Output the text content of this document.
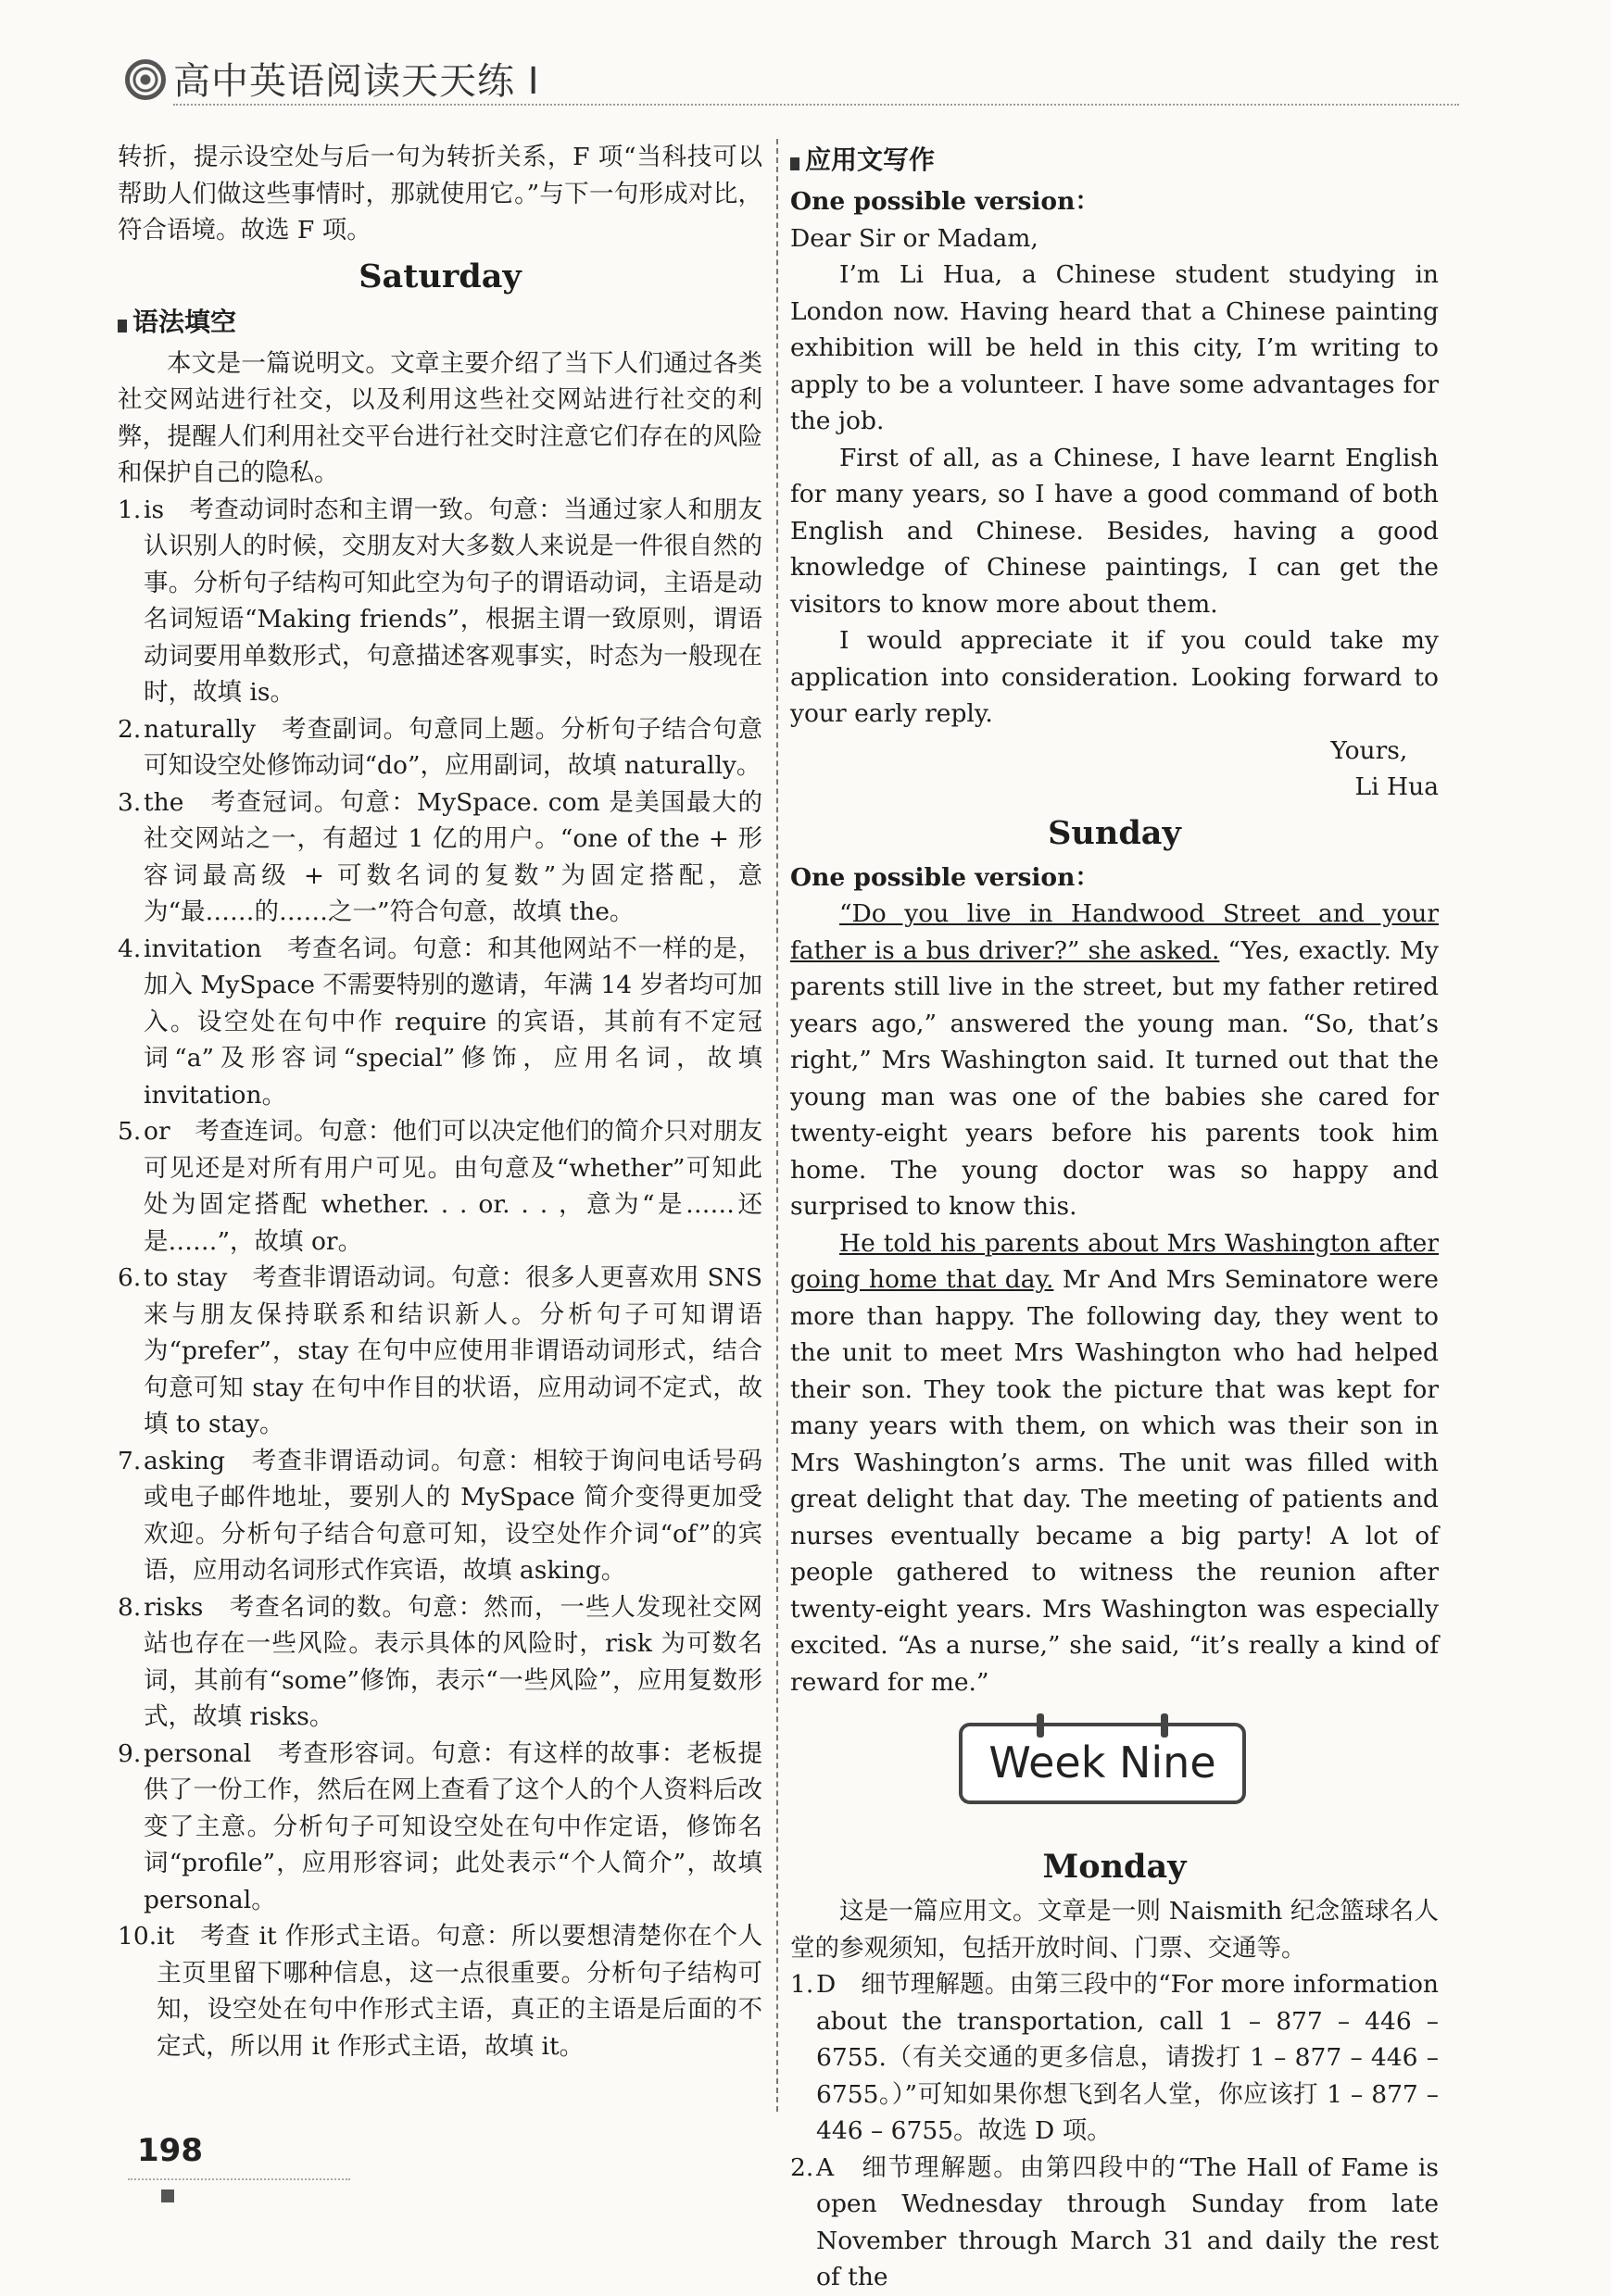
高中英语阅读天天练 Ⅰ

转折，提示设空处与后一句为转折关系，F 项“当科技可以帮助人们做这些事情时，那就使用它。”与下一句形成对比，符合语境。故选 F 项。

Saturday
语法填空

本文是一篇说明文。文章主要介绍了当下人们通过各类社交网站进行社交，以及利用这些社交网站进行社交的利弊，提醒人们利用社交平台进行社交时注意它们存在的风险和保护自己的隐私。

1. is　考查动词时态和主谓一致。句意：当通过家人和朋友认识别人的时候，交朋友对大多数人来说是一件很自然的事。分析句子结构可知此空为句子的谓语动词，主语是动名词短语“Making friends”，根据主谓一致原则，谓语动词要用单数形式，句意描述客观事实，时态为一般现在时，故填 is。
2. naturally　考查副词。句意同上题。分析句子结合句意可知设空处修饰动词“do”，应用副词，故填 naturally。
3. the　考查冠词。句意：MySpace. com 是美国最大的社交网站之一，有超过 1 亿的用户。“one of the + 形容词最高级 + 可数名词的复数”为固定搭配，意为“最……的……之一”符合句意，故填 the。
4. invitation　考查名词。句意：和其他网站不一样的是，加入 MySpace 不需要特别的邀请，年满 14 岁者均可加入。设空处在句中作 require 的宾语，其前有不定冠词“a”及形容词“special”修饰，应用名词，故填 invitation。
5. or　考查连词。句意：他们可以决定他们的简介只对朋友可见还是对所有用户可见。由句意及“whether”可知此处为固定搭配 whether. . . or. . . ，意为“是……还是……”，故填 or。
6. to stay　考查非谓语动词。句意：很多人更喜欢用 SNS 来与朋友保持联系和结识新人。分析句子可知谓语为“prefer”，stay 在句中应使用非谓语动词形式，结合句意可知 stay 在句中作目的状语，应用动词不定式，故填 to stay。
7. asking　考查非谓语动词。句意：相较于询问电话号码或电子邮件地址，要别人的 MySpace 简介变得更加受欢迎。分析句子结合句意可知，设空处作介词“of”的宾语，应用动名词形式作宾语，故填 asking。
8. risks　考查名词的数。句意：然而，一些人发现社交网站也存在一些风险。表示具体的风险时，risk 为可数名词，其前有“some”修饰，表示“一些风险”，应用复数形式，故填 risks。
9. personal　考查形容词。句意：有这样的故事：老板提供了一份工作，然后在网上查看了这个人的个人资料后改变了主意。分析句子可知设空处在句中作定语，修饰名词“profile”，应用形容词；此处表示“个人简介”，故填 personal。
10. it　考查 it 作形式主语。句意：所以要想清楚你在个人主页里留下哪种信息，这一点很重要。分析句子结构可知，设空处在句中作形式主语，真正的主语是后面的不定式，所以用 it 作形式主语，故填 it。
应用文写作
One possible version：

Dear Sir or Madam,

I’m Li Hua, a Chinese student studying in London now. Having heard that a Chinese painting exhibition will be held in this city, I’m writing to apply to be a volunteer. I have some advantages for the job.

First of all, as a Chinese, I have learnt English for many years, so I have a good command of both English and Chinese. Besides, having a good knowledge of Chinese paintings, I can get the visitors to know more about them.

I would appreciate it if you could take my application into consideration. Looking forward to your early reply.

Yours,

Li Hua

Sunday
One possible version：

“Do you live in Handwood Street and your father is a bus driver?” she asked. “Yes, exactly. My parents still live in the street, but my father retired years ago,” answered the young man. “So, that’s right,” Mrs Washington said. It turned out that the young man was one of the babies she cared for twenty-eight years before his parents took him home. The young doctor was so happy and surprised to know this.

He told his parents about Mrs Washington after going home that day. Mr And Mrs Seminatore were more than happy. The following day, they went to the unit to meet Mrs Washington who had helped their son. They took the picture that was kept for many years with them, on which was their son in Mrs Washington’s arms. The unit was filled with great delight that day. The meeting of patients and nurses eventually became a big party! A lot of people gathered to witness the reunion after twenty-eight years. Mrs Washington was especially excited. “As a nurse,” she said, “it’s really a kind of reward for me.”

Week Nine
Monday

这是一篇应用文。文章是一则 Naismith 纪念篮球名人堂的参观须知，包括开放时间、门票、交通等。

1. D　细节理解题。由第三段中的“For more information about the transportation, call 1 – 877 – 446 – 6755.（有关交通的更多信息，请拨打 1 – 877 – 446 – 6755。）”可知如果你想飞到名人堂，你应该打 1 – 877 – 446 – 6755。故选 D 项。
2. A　细节理解题。由第四段中的“The Hall of Fame is open Wednesday through Sunday from late November through March 31 and daily the rest of the
198
